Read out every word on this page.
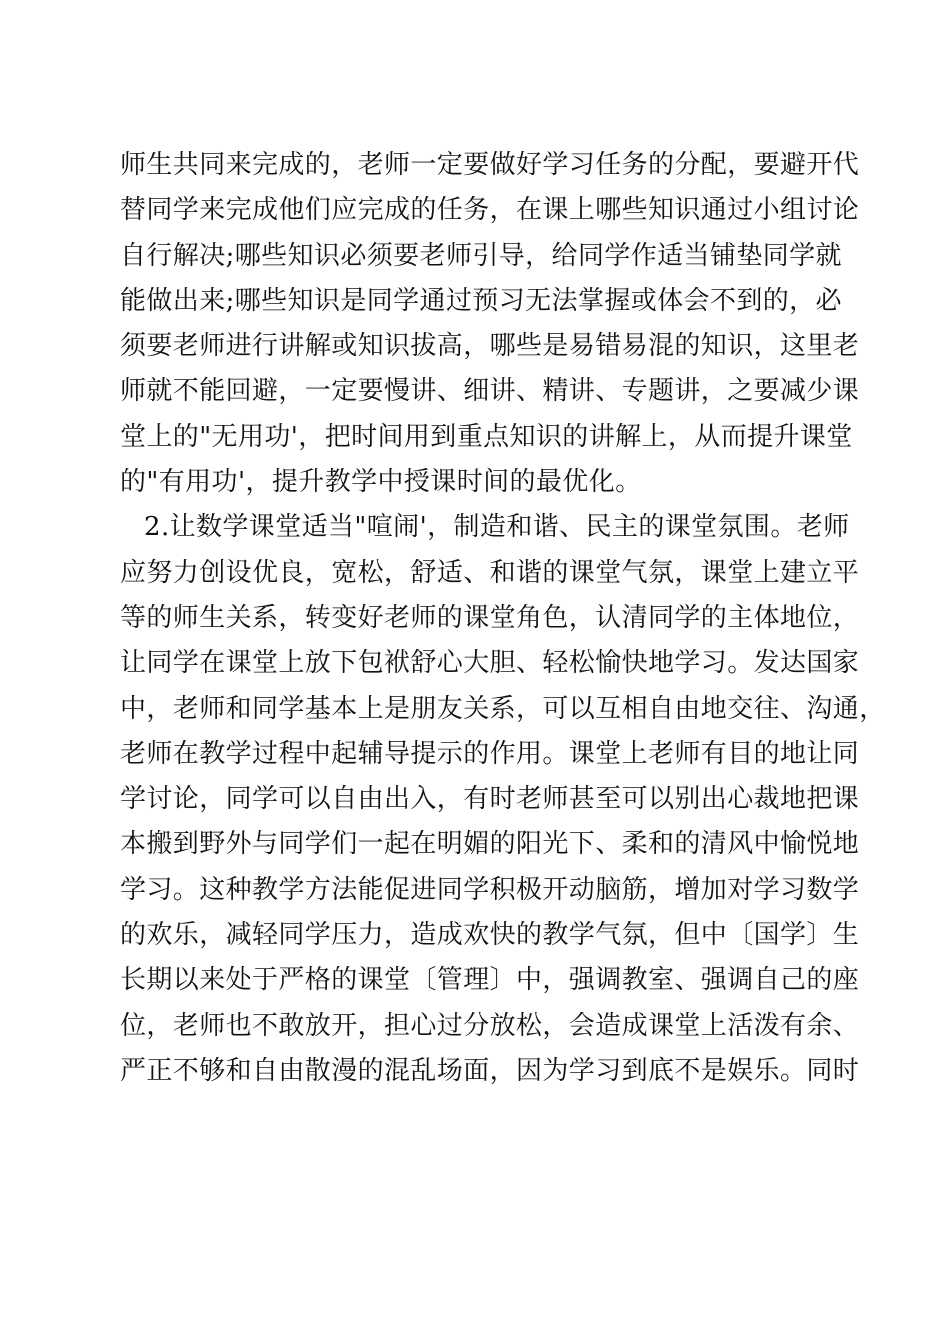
师生共同来完成的，老师一定要做好学习任务的分配，要避开代
替同学来完成他们应完成的任务，在课上哪些知识通过小组讨论
自行解决;哪些知识必须要老师引导，给同学作适当铺垫同学就
能做出来;哪些知识是同学通过预习无法掌握或体会不到的，必
须要老师进行讲解或知识拔高，哪些是易错易混的知识，这里老
师就不能回避，一定要慢讲、细讲、精讲、专题讲，之要减少课
堂上的"无用功'，把时间用到重点知识的讲解上，从而提升课堂
的"有用功'，提升教学中授课时间的最优化。
2.让数学课堂适当"喧闹'，制造和谐、民主的课堂氛围。老师
应努力创设优良，宽松，舒适、和谐的课堂气氛，课堂上建立平
等的师生关系，转变好老师的课堂角色，认清同学的主体地位，
让同学在课堂上放下包袱舒心大胆、轻松愉快地学习。发达国家
中，老师和同学基本上是朋友关系，可以互相自由地交往、沟通，
老师在教学过程中起辅导提示的作用。课堂上老师有目的地让同
学讨论，同学可以自由出入，有时老师甚至可以别出心裁地把课
本搬到野外与同学们一起在明媚的阳光下、柔和的清风中愉悦地
学习。这种教学方法能促进同学积极开动脑筋，增加对学习数学
的欢乐，减轻同学压力，造成欢快的教学气氛，但中〔国学〕生
长期以来处于严格的课堂〔管理〕中，强调教室、强调自己的座
位，老师也不敢放开，担心过分放松，会造成课堂上活泼有余、
严正不够和自由散漫的混乱场面，因为学习到底不是娱乐。同时
